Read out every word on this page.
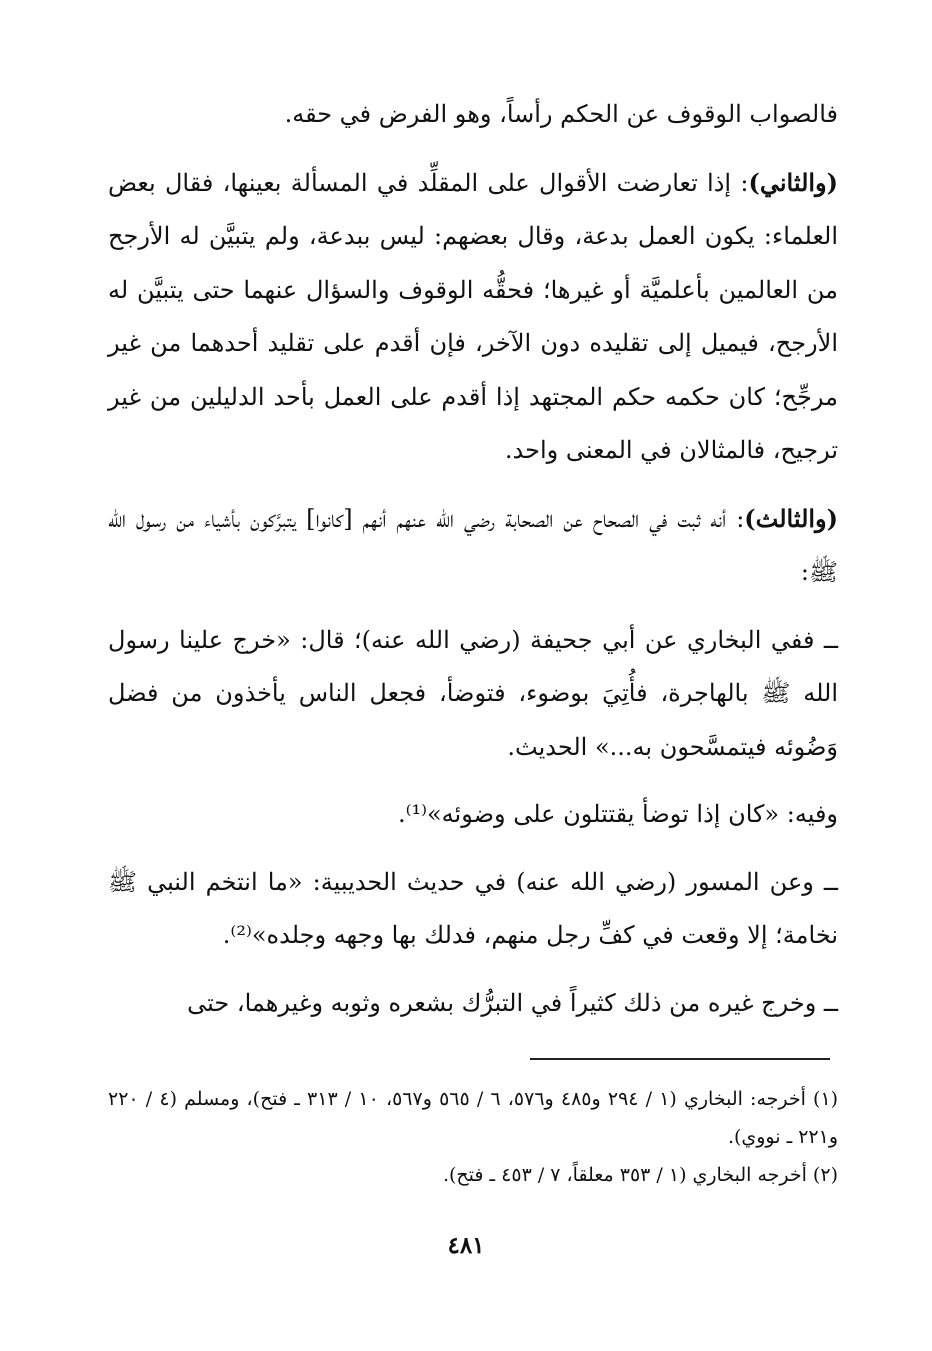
فالصواب الوقوف عن الحكم رأساً، وهو الفرض في حقه.

(والثاني): إذا تعارضت الأقوال على المقلِّد في المسألة بعينها، فقال بعض العلماء: يكون العمل بدعة، وقال بعضهم: ليس ببدعة، ولم يتبيَّن له الأرجح من العالمين بأعلميَّة أو غيرها؛ فحقُّه الوقوف والسؤال عنهما حتى يتبيَّن له الأرجح، فيميل إلى تقليده دون الآخر، فإن أقدم على تقليد أحدهما من غير مرجِّح؛ كان حكمه حكم المجتهد إذا أقدم على العمل بأحد الدليلين من غير ترجيح، فالمثالان في المعنى واحد.

(والثالث): أنه ثبت في الصحاح عن الصحابة رضي الله عنهم أنهم [كانوا] يتبرَّكون بأشياء من رسول الله ﷺ:

ــ ففي البخاري عن أبي جحيفة (رضي الله عنه)؛ قال: «خرج علينا رسول الله ﷺ بالهاجرة، فأُتِيَ بوضوء، فتوضأ، فجعل الناس يأخذون من فضل وَضُوئه فيتمسَّحون به...» الحديث.

وفيه: «كان إذا توضأ يقتتلون على وضوئه»⁽¹⁾.

ــ وعن المسور (رضي الله عنه) في حديث الحديبية: «ما انتخم النبي ﷺ نخامة؛ إلا وقعت في كفِّ رجل منهم، فدلك بها وجهه وجلده»⁽²⁾.

ــ وخرج غيره من ذلك كثيراً في التبرُّك بشعره وثوبه وغيرهما، حتى

(١) أخرجه: البخاري (١ / ٢٩٤ و٤٨٥ و٥٧٦، ٦ / ٥٦٥ و٥٦٧، ١٠ / ٣١٣ ـ فتح)، ومسلم (٤ / ٢٢٠ و٢٢١ ـ نووي).

(٢) أخرجه البخاري (١ / ٣٥٣ معلقاً، ٧ / ٤٥٣ ـ فتح).

٤٨١
